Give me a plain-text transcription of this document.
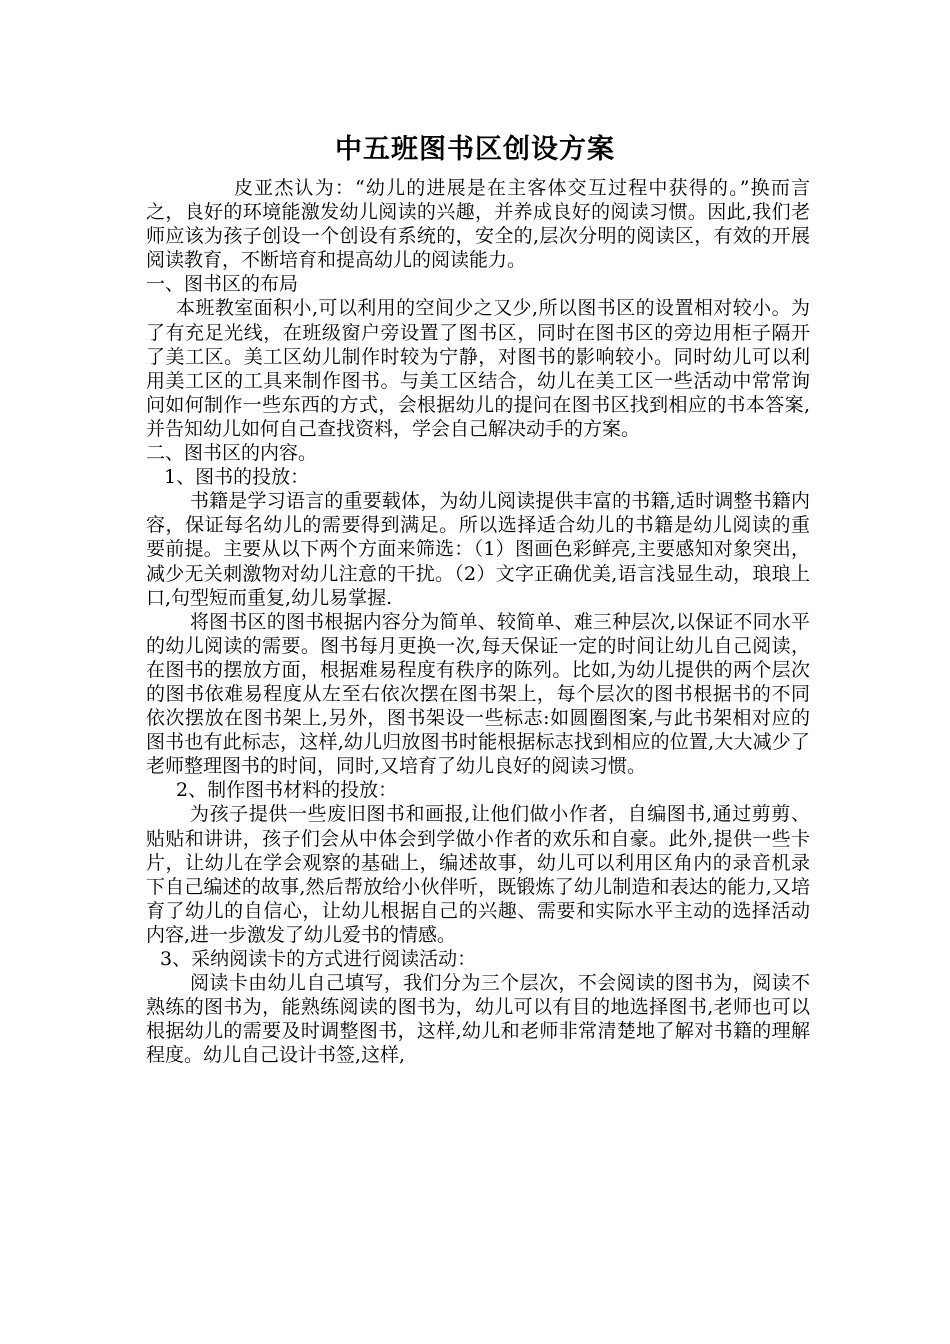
中五班图书区创设方案

皮亚杰认为：“幼儿的进展是在主客体交互过程中获得的。”换而言之，良好的环境能激发幼儿阅读的兴趣，并养成良好的阅读习惯。因此,我们老师应该为孩子创设一个创设有系统的，安全的,层次分明的阅读区，有效的开展阅读教育，不断培育和提高幼儿的阅读能力。

一、图书区的布局

本班教室面积小,可以利用的空间少之又少,所以图书区的设置相对较小。为了有充足光线，在班级窗户旁设置了图书区，同时在图书区的旁边用柜子隔开了美工区。美工区幼儿制作时较为宁静，对图书的影响较小。同时幼儿可以利用美工区的工具来制作图书。与美工区结合，幼儿在美工区一些活动中常常询问如何制作一些东西的方式，会根据幼儿的提问在图书区找到相应的书本答案,并告知幼儿如何自己查找资料，学会自己解决动手的方案。

二、图书区的内容。

1、图书的投放：

书籍是学习语言的重要载体，为幼儿阅读提供丰富的书籍,适时调整书籍内容，保证每名幼儿的需要得到满足。所以选择适合幼儿的书籍是幼儿阅读的重要前提。主要从以下两个方面来筛选：（1）图画色彩鲜亮,主要感知对象突出，减少无关刺激物对幼儿注意的干扰。（2）文字正确优美,语言浅显生动，琅琅上口,句型短而重复,幼儿易掌握.

将图书区的图书根据内容分为简单、较简单、难三种层次,以保证不同水平的幼儿阅读的需要。图书每月更换一次,每天保证一定的时间让幼儿自己阅读，在图书的摆放方面，根据难易程度有秩序的陈列。比如,为幼儿提供的两个层次的图书依难易程度从左至右依次摆在图书架上，每个层次的图书根据书的不同依次摆放在图书架上,另外，图书架设一些标志:如圆圈图案,与此书架相对应的图书也有此标志，这样,幼儿归放图书时能根据标志找到相应的位置,大大减少了老师整理图书的时间，同时,又培育了幼儿良好的阅读习惯。

2、制作图书材料的投放：

为孩子提供一些废旧图书和画报,让他们做小作者，自编图书,通过剪剪、贴贴和讲讲，孩子们会从中体会到学做小作者的欢乐和自豪。此外,提供一些卡片，让幼儿在学会观察的基础上，编述故事，幼儿可以利用区角内的录音机录下自己编述的故事,然后帮放给小伙伴听，既锻炼了幼儿制造和表达的能力,又培育了幼儿的自信心，让幼儿根据自己的兴趣、需要和实际水平主动的选择活动内容,进一步激发了幼儿爱书的情感。

3、采纳阅读卡的方式进行阅读活动：

阅读卡由幼儿自己填写，我们分为三个层次，不会阅读的图书为，阅读不熟练的图书为，能熟练阅读的图书为，幼儿可以有目的地选择图书,老师也可以根据幼儿的需要及时调整图书，这样,幼儿和老师非常清楚地了解对书籍的理解程度。幼儿自己设计书签,这样,
